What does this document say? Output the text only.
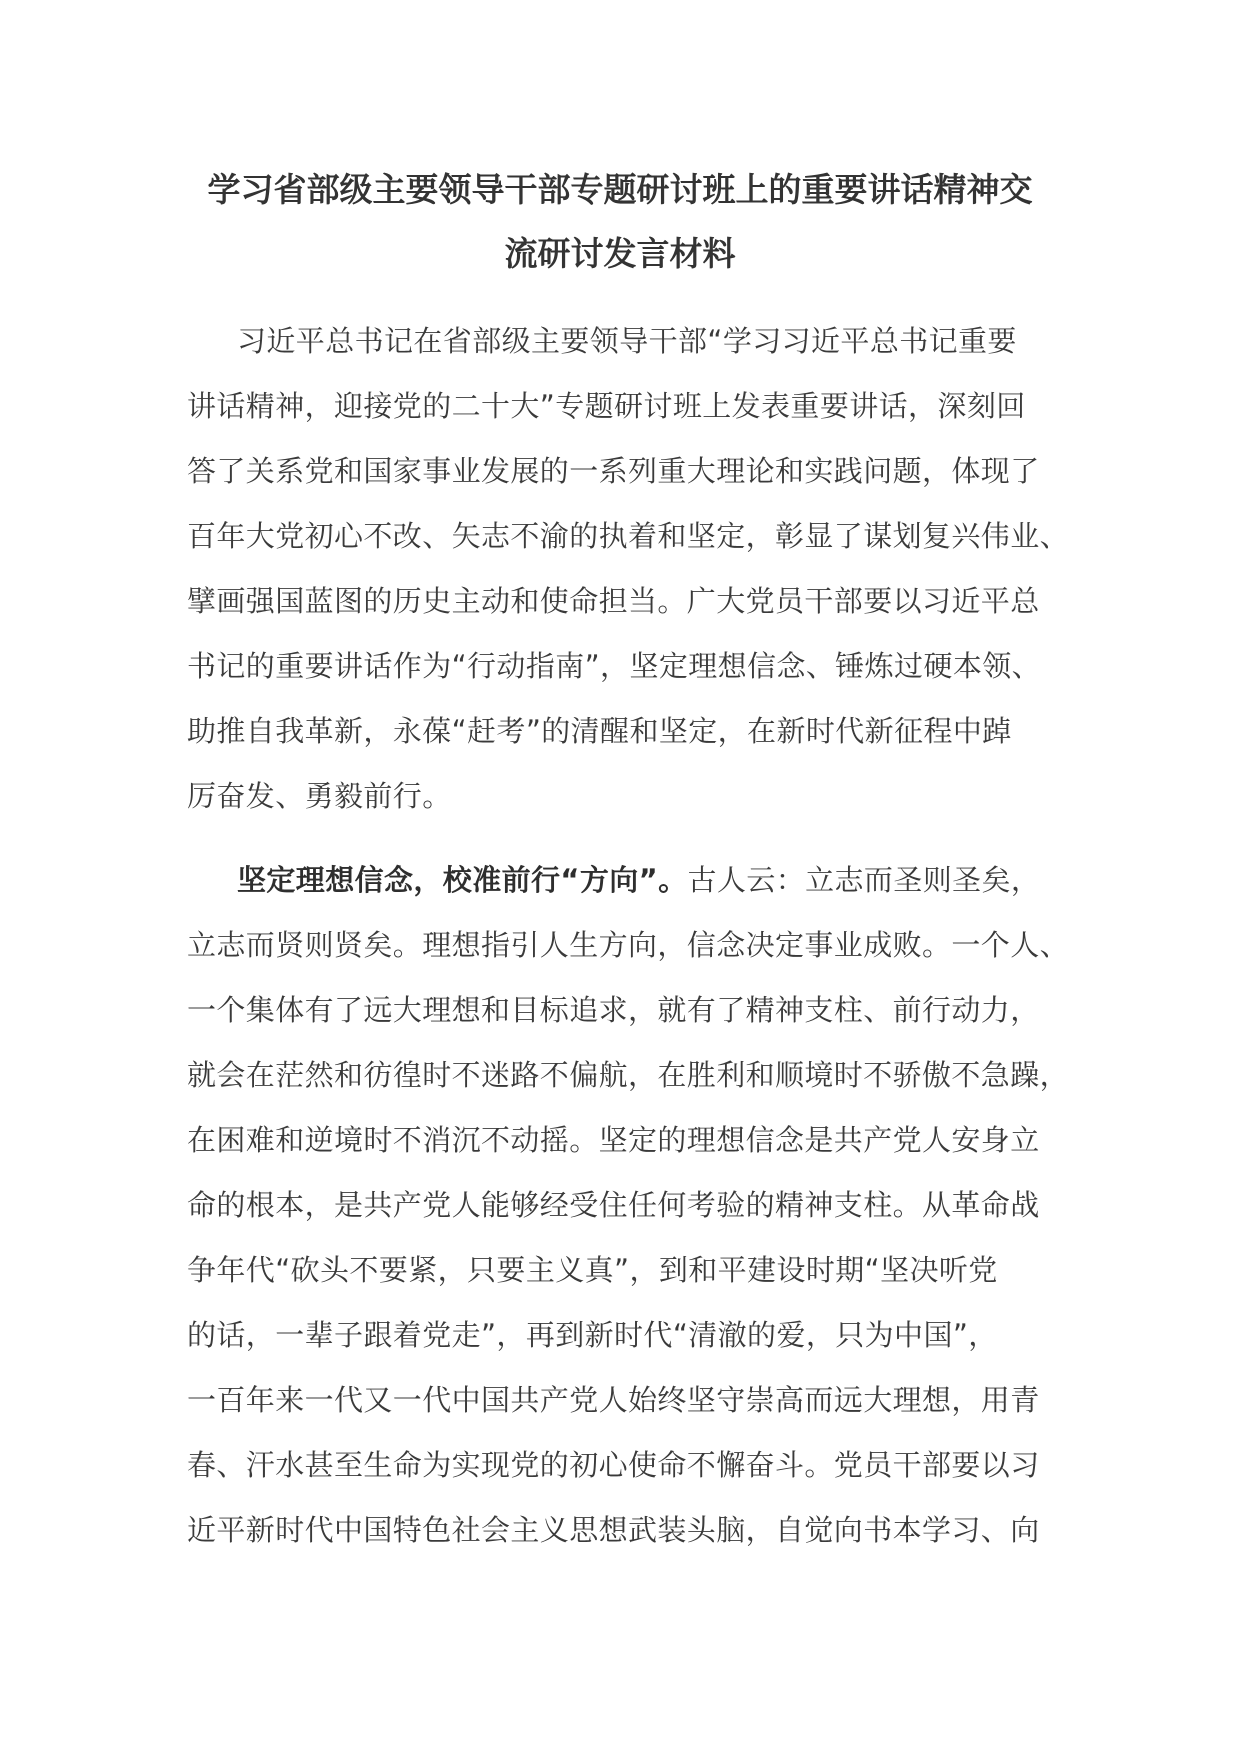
学习省部级主要领导干部专题研讨班上的重要讲话精神交
流研讨发言材料

习近平总书记在省部级主要领导干部“学习习近平总书记重要
讲话精神，迎接党的二十大”专题研讨班上发表重要讲话，深刻回
答了关系党和国家事业发展的一系列重大理论和实践问题，体现了
百年大党初心不改、矢志不渝的执着和坚定，彰显了谋划复兴伟业、
擘画强国蓝图的历史主动和使命担当。广大党员干部要以习近平总
书记的重要讲话作为“行动指南”，坚定理想信念、锤炼过硬本领、
助推自我革新，永葆“赶考”的清醒和坚定，在新时代新征程中踔
厉奋发、勇毅前行。

坚定理想信念，校准前行“方向”。古人云：立志而圣则圣矣，
立志而贤则贤矣。理想指引人生方向，信念决定事业成败。一个人、
一个集体有了远大理想和目标追求，就有了精神支柱、前行动力，
就会在茫然和彷徨时不迷路不偏航，在胜利和顺境时不骄傲不急躁，
在困难和逆境时不消沉不动摇。坚定的理想信念是共产党人安身立
命的根本，是共产党人能够经受住任何考验的精神支柱。从革命战
争年代“砍头不要紧，只要主义真”，到和平建设时期“坚决听党
的话，一辈子跟着党走”，再到新时代“清澈的爱，只为中国”，
一百年来一代又一代中国共产党人始终坚守崇高而远大理想，用青
春、汗水甚至生命为实现党的初心使命不懈奋斗。党员干部要以习
近平新时代中国特色社会主义思想武装头脑，自觉向书本学习、向
